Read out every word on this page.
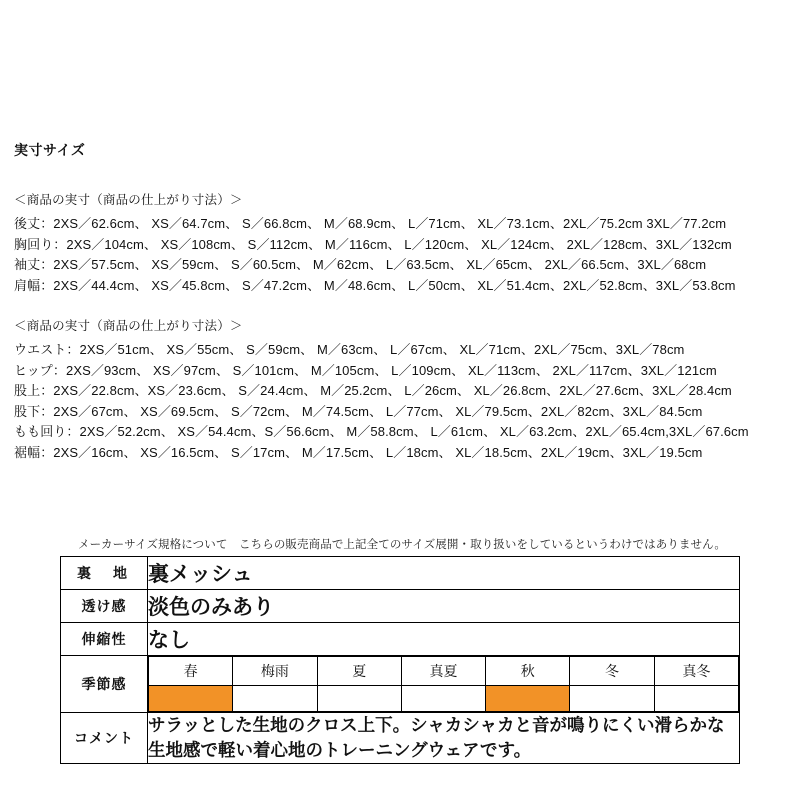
実寸サイズ
＜商品の実寸（商品の仕上がり寸法）＞
後丈：2XS／62.6cm、 XS／64.7cm、 S／66.8cm、 M／68.9cm、 L／71cm、 XL／73.1cm、2XL／75.2cm 3XL／77.2cm
胸回り：2XS／104cm、 XS／108cm、 S／112cm、 M／116cm、 L／120cm、 XL／124cm、 2XL／128cm、3XL／132cm
袖丈：2XS／57.5cm、 XS／59cm、 S／60.5cm、 M／62cm、 L／63.5cm、 XL／65cm、 2XL／66.5cm、3XL／68cm
肩幅：2XS／44.4cm、 XS／45.8cm、 S／47.2cm、 M／48.6cm、 L／50cm、 XL／51.4cm、2XL／52.8cm、3XL／53.8cm
＜商品の実寸（商品の仕上がり寸法）＞
ウエスト：2XS／51cm、 XS／55cm、 S／59cm、 M／63cm、 L／67cm、 XL／71cm、2XL／75cm、3XL／78cm
ヒップ：2XS／93cm、 XS／97cm、 S／101cm、 M／105cm、 L／109cm、 XL／113cm、 2XL／117cm、3XL／121cm
股上：2XS／22.8cm、XS／23.6cm、 S／24.4cm、 M／25.2cm、 L／26cm、 XL／26.8cm、2XL／27.6cm、3XL／28.4cm
股下：2XS／67cm、 XS／69.5cm、 S／72cm、 M／74.5cm、 L／77cm、 XL／79.5cm、2XL／82cm、3XL／84.5cm
もも回り：2XS／52.2cm、 XS／54.4cm、S／56.6cm、 M／58.8cm、 L／61cm、 XL／63.2cm、2XL／65.4cm,3XL／67.6cm
裾幅：2XS／16cm、 XS／16.5cm、 S／17cm、 M／17.5cm、 L／18cm、 XL／18.5cm、2XL／19cm、3XL／19.5cm
メーカーサイズ規格について　こちらの販売商品で上記全てのサイズ展開・取り扱いをしているというわけではありません。
裏　地	裏メッシュ
透け感	淡色のみあり
伸縮性	なし
季節感	
春	梅雨	夏	真夏	秋	冬	真冬

コメント	サラッとした生地のクロス上下。シャカシャカと音が鳴りにくい滑らかな生地感で軽い着心地のトレーニングウェアです。
